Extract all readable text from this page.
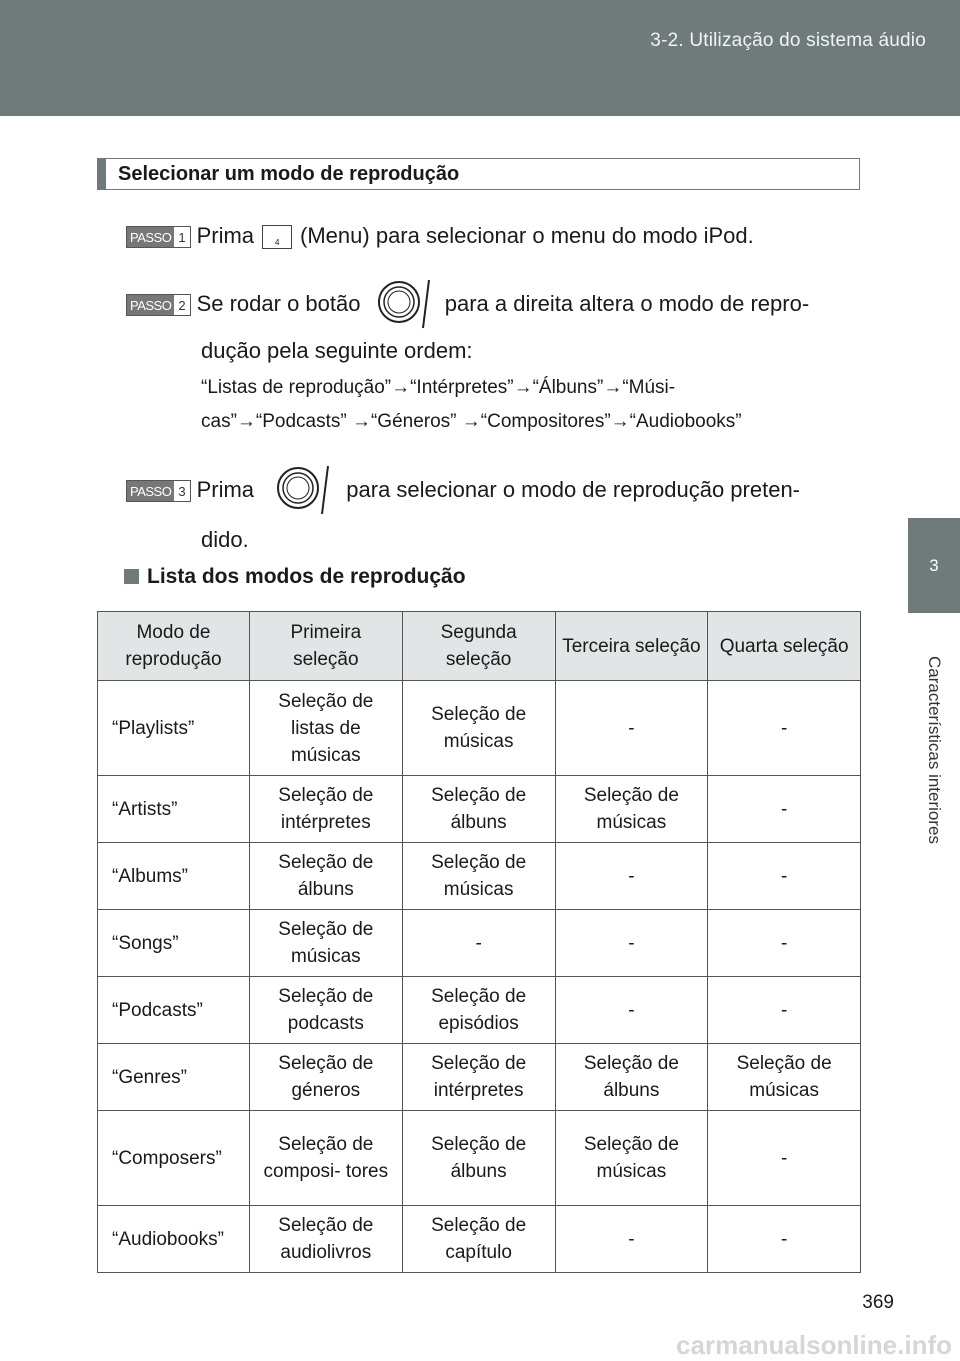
3-2. Utilização do sistema áudio
3
Características interiores
Selecionar um modo de reprodução
PASSO 1 Prima	4 (Menu) para selecionar o menu do modo iPod.
PASSO 2 Se rodar o botão	para a direita altera o modo de repro-
dução pela seguinte ordem:
“Listas de reprodução”→“Intérpretes”→“Álbuns”→“Músi-
cas”→“Podcasts” →“Géneros” →“Compositores”→“Audiobooks”
PASSO 3 Prima	para selecionar o modo de reprodução preten-
dido.
Lista dos modos de reprodução
Modo de reprodução	Primeira seleção	Segunda seleção	Terceira seleção	Quarta seleção
“Playlists”	Seleção de listas de músicas	Seleção de músicas	-	-
“Artists”	Seleção de intérpretes	Seleção de álbuns	Seleção de músicas	-
“Albums”	Seleção de álbuns	Seleção de músicas	-	-
“Songs”	Seleção de músicas	-	-	-
“Podcasts”	Seleção de podcasts	Seleção de episódios	-	-
“Genres”	Seleção de géneros	Seleção de intérpretes	Seleção de álbuns	Seleção de músicas
“Composers”	Seleção de composi- tores	Seleção de álbuns	Seleção de músicas	-
“Audiobooks”	Seleção de audiolivros	Seleção de capítulo	-	-
369
carmanualsonline.info
